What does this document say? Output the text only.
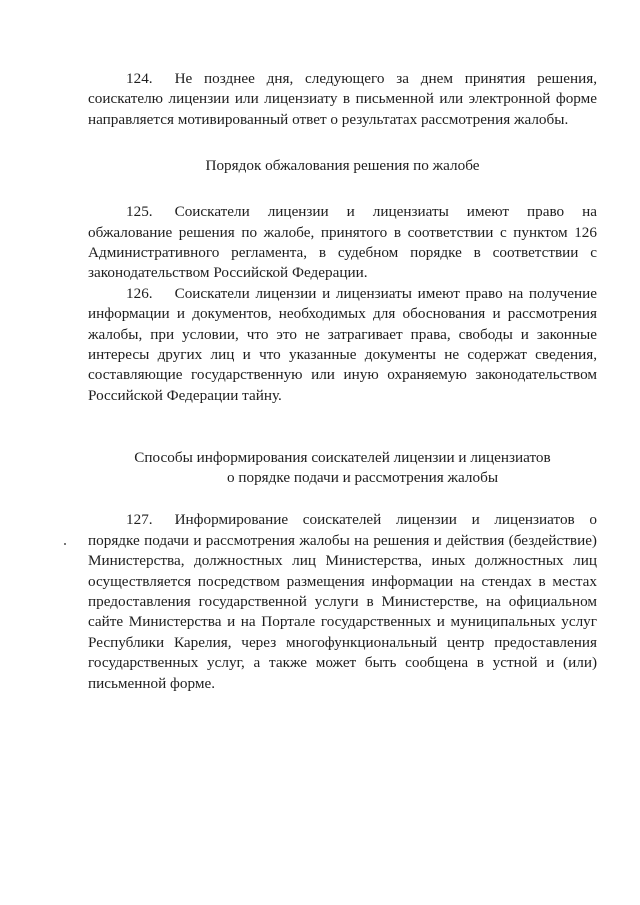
124. Не позднее дня, следующего за днем принятия решения, соискателю лицензии или лицензиату в письменной или электронной форме направляется мотивированный ответ о результатах рассмотрения жалобы.

Порядок обжалования решения по жалобе

125. Соискатели лицензии и лицензиаты имеют право на обжалование решения по жалобе, принятого в соответствии с пунктом 126 Административного регламента, в судебном порядке в соответствии с законодательством Российской Федерации.

126. Соискатели лицензии и лицензиаты имеют право на получение информации и документов, необходимых для обоснования и рассмотрения жалобы, при условии, что это не затрагивает права, свободы и законные интересы других лиц и что указанные документы не содержат сведения, составляющие государственную или иную охраняемую законодательством Российской Федерации тайну.

Способы информирования соискателей лицензии и лицензиатов
о порядке подачи и рассмотрения жалобы

127. Информирование соискателей лицензии и лицензиатов о порядке подачи и рассмотрения жалобы на решения и действия (бездействие) Министерства, должностных лиц Министерства, иных должностных лиц осуществляется посредством размещения информации на стендах в местах предоставления государственной услуги в Министерстве, на официальном сайте Министерства и на Портале государственных и муниципальных услуг Республики Карелия, через многофункциональный центр предоставления государственных услуг, а также может быть сообщена в устной и (или) письменной форме.
